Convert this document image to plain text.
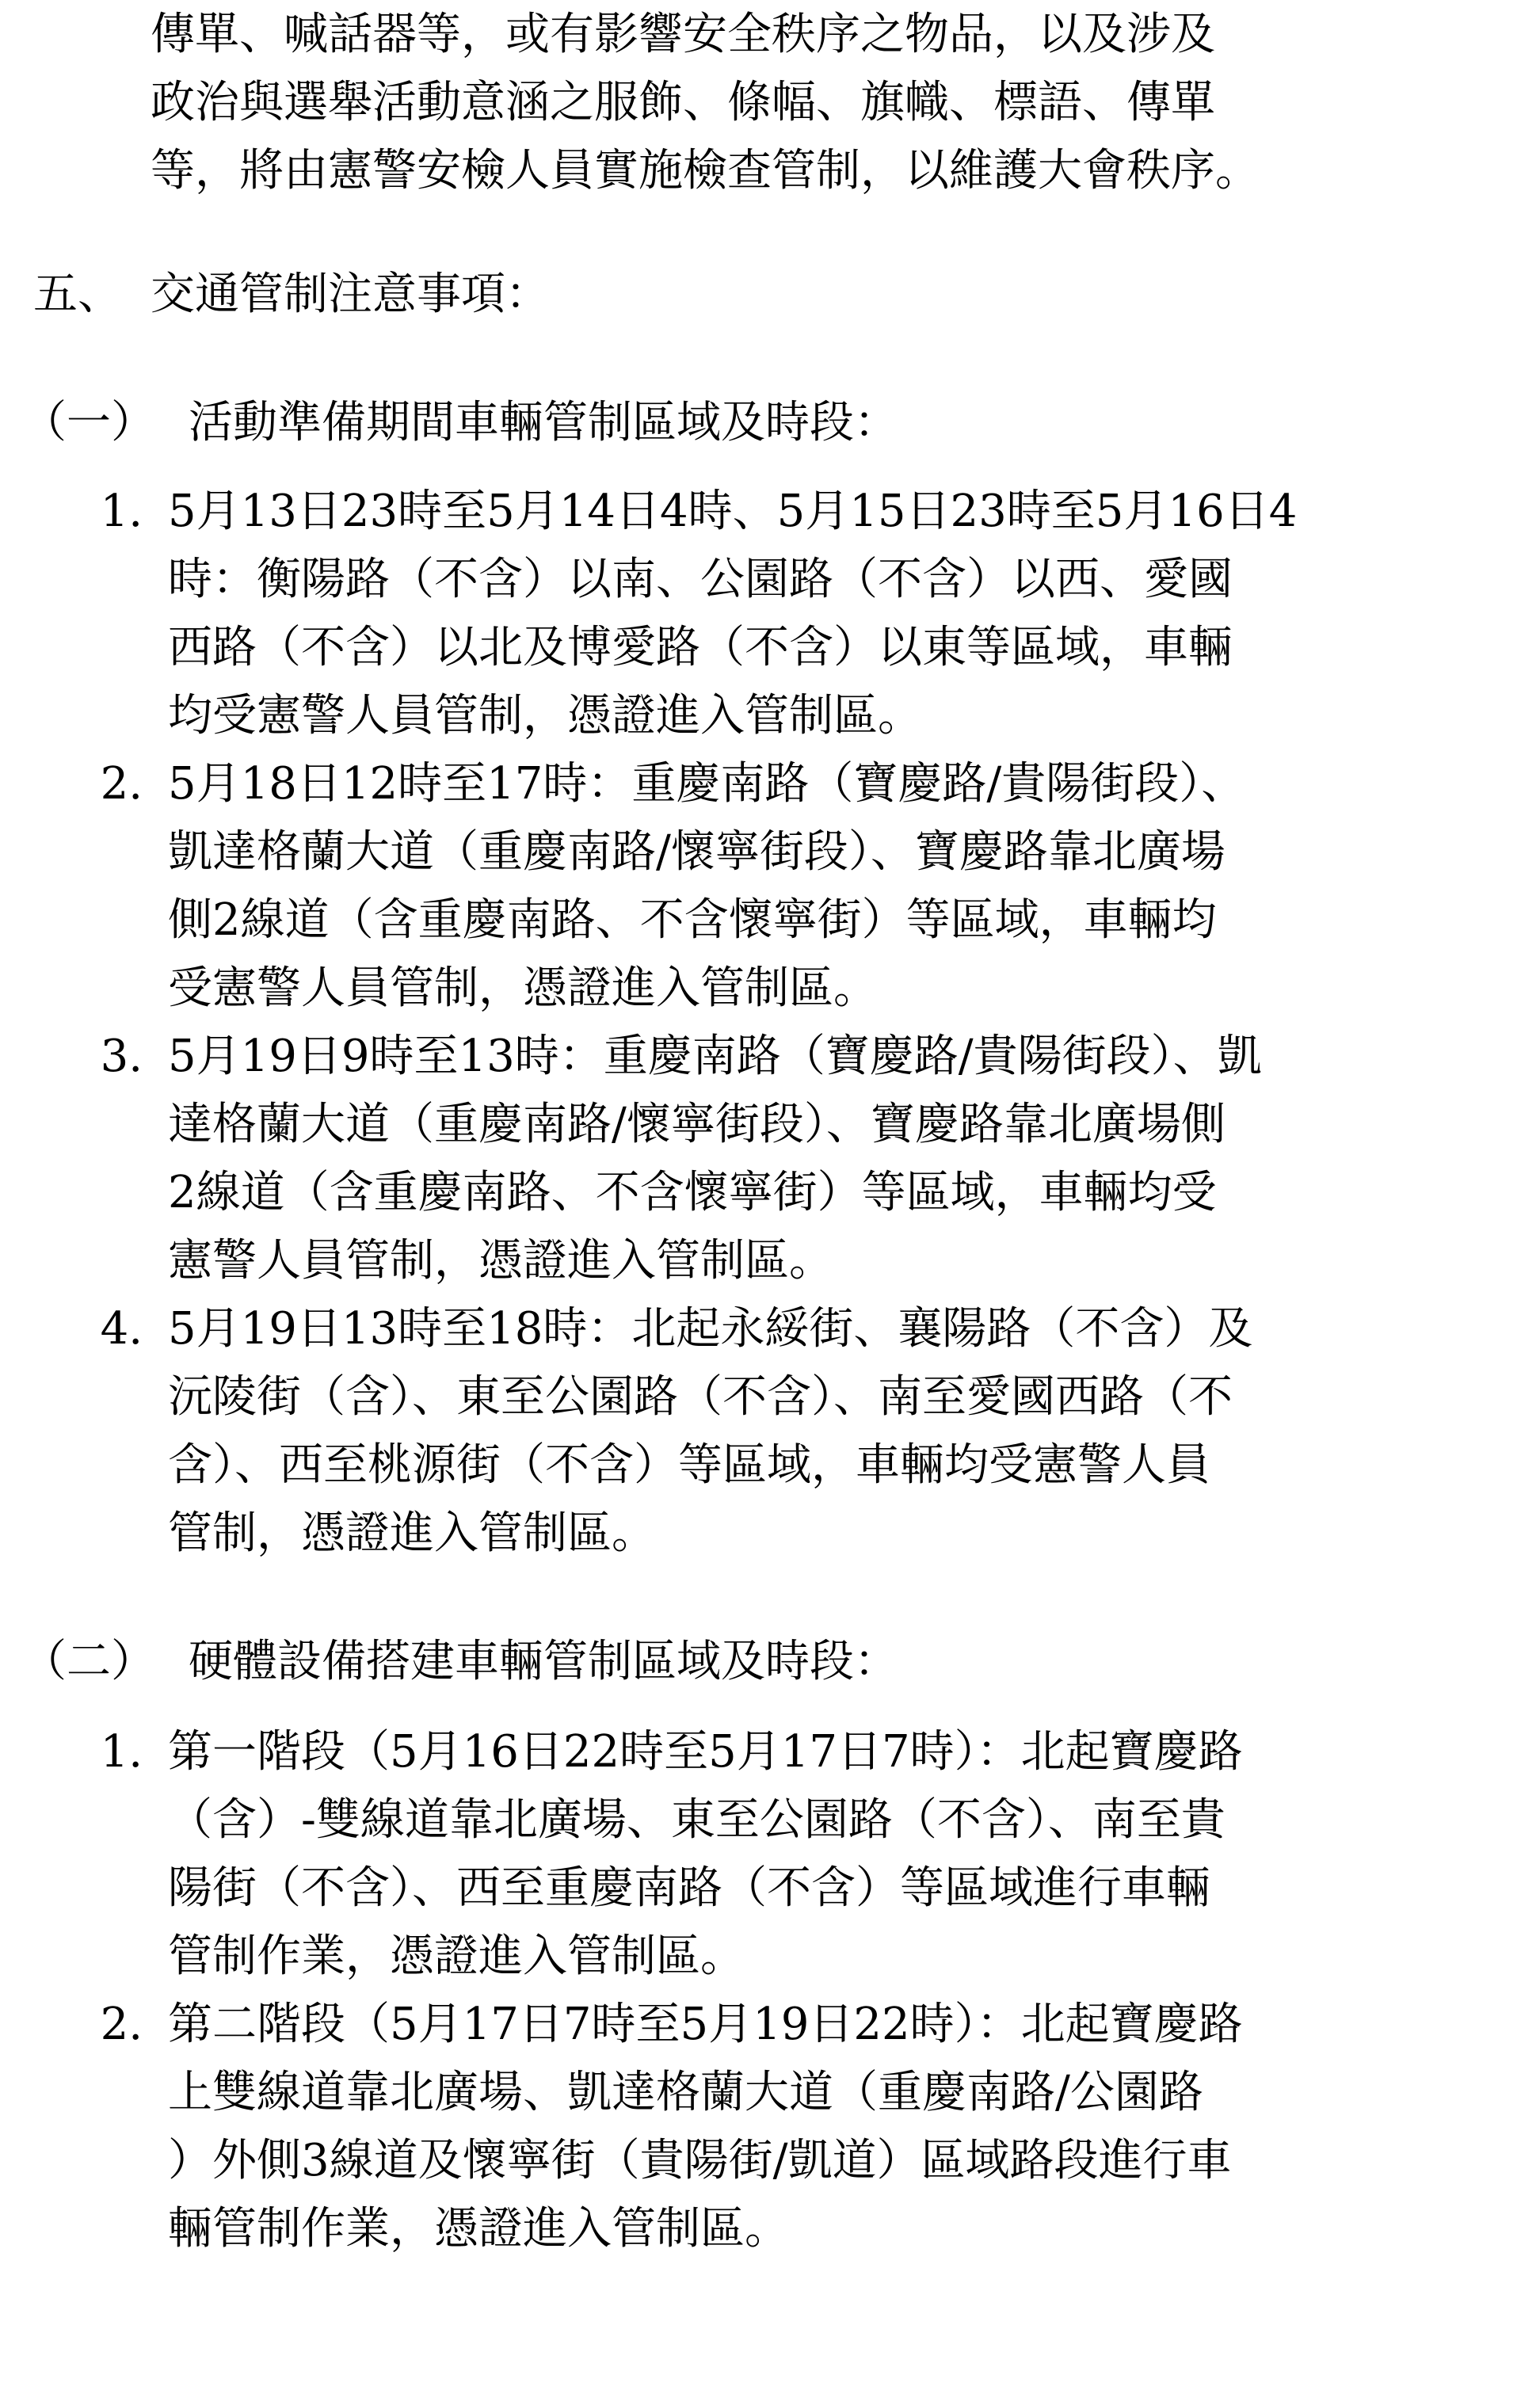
傳單、喊話器等，或有影響安全秩序之物品，以及涉及
政治與選舉活動意涵之服飾、條幅、旗幟、標語、傳單
等，將由憲警安檢人員實施檢查管制，以維護大會秩序。
五、 交通管制注意事項：
（一） 活動準備期間車輛管制區域及時段：
1. 5月13日23時至5月14日4時、5月15日23時至5月16日4
時：衡陽路（不含）以南、公園路（不含）以西、愛國
西路（不含）以北及博愛路（不含）以東等區域，車輛
均受憲警人員管制，憑證進入管制區。
2. 5月18日12時至17時：重慶南路（寶慶路/貴陽街段）、
凱達格蘭大道（重慶南路/懷寧街段）、寶慶路靠北廣場
側2線道（含重慶南路、不含懷寧街）等區域，車輛均
受憲警人員管制，憑證進入管制區。
3. 5月19日9時至13時：重慶南路（寶慶路/貴陽街段）、凱
達格蘭大道（重慶南路/懷寧街段）、寶慶路靠北廣場側
2線道（含重慶南路、不含懷寧街）等區域，車輛均受
憲警人員管制，憑證進入管制區。
4. 5月19日13時至18時：北起永綏街、襄陽路（不含）及
沅陵街（含）、東至公園路（不含）、南至愛國西路（不
含）、西至桃源街（不含）等區域，車輛均受憲警人員
管制，憑證進入管制區。
（二） 硬體設備搭建車輛管制區域及時段：
1. 第一階段（5月16日22時至5月17日7時）：北起寶慶路
（含）-雙線道靠北廣場、東至公園路（不含）、南至貴
陽街（不含）、西至重慶南路（不含）等區域進行車輛
管制作業，憑證進入管制區。
2. 第二階段（5月17日7時至5月19日22時）：北起寶慶路
上雙線道靠北廣場、凱達格蘭大道（重慶南路/公園路
）外側3線道及懷寧街（貴陽街/凱道）區域路段進行車
輛管制作業，憑證進入管制區。
